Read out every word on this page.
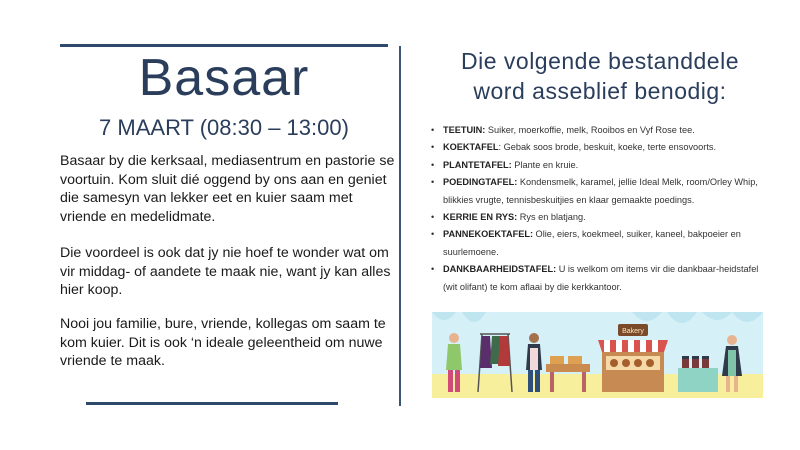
Basaar
7 MAART (08:30 – 13:00)

Basaar by die kerksaal, mediasentrum en pastorie se voortuin. Kom sluit dié oggend by ons aan en geniet die samesyn van lekker eet en kuier saam met vriende en medelidmate.

Die voordeel is ook dat jy nie hoef te wonder wat om vir middag- of aandete te maak nie, want jy kan alles hier koop.

Nooi jou familie, bure, vriende, kollegas om saam te kom kuier. Dit is ook ‘n ideale geleentheid om nuwe vriende te maak.

Die volgende bestanddele
word asseblief benodig:
• TEETUIN: Suiker, moerkoffie, melk, Rooibos en Vyf Rose tee.
• KOEKTAFEL: Gebak soos brode, beskuit, koeke, terte ensovoorts.
• PLANTETAFEL: Plante en kruie.
• POEDINGTAFEL: Kondensmelk, karamel, jellie Ideal Melk, room/Orley Whip, blikkies vrugte, tennisbeskuitjies en klaar gemaakte poedings.
• KERRIE EN RYS: Rys en blatjang.
• PANNEKOEKTAFEL: Olie, eiers, koekmeel, suiker, kaneel, bakpoeier en suurlemoene.
• DANKBAARHEIDSTAFEL: U is welkom om items vir die dankbaar-heidstafel (wit olifant) te kom aflaai by die kerkkantoor.
Bakery
